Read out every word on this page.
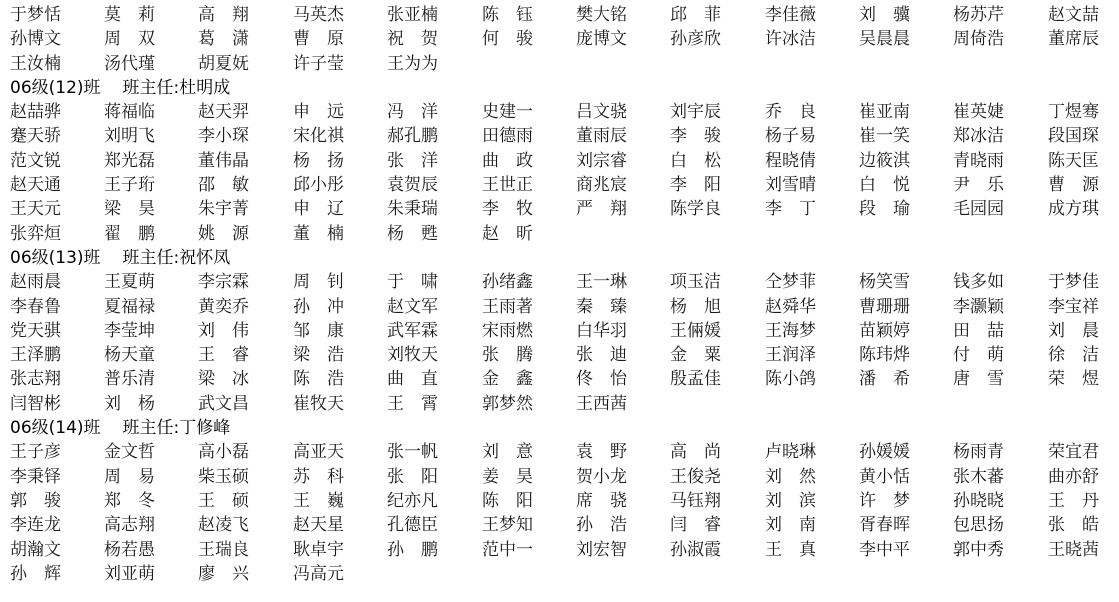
于梦恬	莫　莉	高　翔	马英杰	张亚楠	陈　钰	樊大铭	邱　菲	李佳薇	刘　骥	杨苏芹	赵文喆
孙博文	周　双	葛　潇	曹　原	祝　贺	何　骏	庞博文	孙彦欣	许冰洁	吴晨晨	周倚浩	董席辰
王汝楠	汤代瑾	胡夏妩	许子莹	王为为
06级(12)班 班主任:杜明成
赵喆骅	蒋福临	赵天羿	申　远	冯　洋	史建一	吕文骁	刘宇辰	乔　良	崔亚南	崔英婕	丁煜骞
蹇天骄	刘明飞	李小琛	宋化祺	郝孔鹏	田德雨	董雨辰	李　骏	杨子易	崔一笑	郑冰洁	段国琛
范文锐	郑光磊	董伟晶	杨　扬	张　洋	曲　政	刘宗睿	白　松	程晓倩	边筱淇	青晓雨	陈天匡
赵天通	王子珩	邵　敏	邱小彤	袁贺辰	王世正	商兆宸	李　阳	刘雪晴	白　悦	尹　乐	曹　源
王天元	梁　昊	朱宇菁	申　辽	朱秉瑞	李　牧	严　翔	陈学良	李　丁	段　瑜	毛园园	成方琪
张弈烜	翟　鹏	姚　源	董　楠	杨　甦	赵　昕
06级(13)班 班主任:祝怀凤
赵雨晨	王夏萌	李宗霖	周　钊	于　啸	孙绪鑫	王一琳	项玉洁	仝梦菲	杨笑雪	钱多如	于梦佳
李春鲁	夏福禄	黄奕乔	孙　冲	赵文军	王雨著	秦　臻	杨　旭	赵舜华	曹珊珊	李灏颖	李宝祥
党天骐	李莹坤	刘　伟	邹　康	武军霖	宋雨燃	白华羽	王倆媛	王海梦	苗颖婷	田　喆	刘　晨
王泽鹏	杨天童	王　睿	梁　浩	刘牧天	张　腾	张　迪	金　粟	王润泽	陈玮烨	付　萌	徐　洁
张志翔	普乐清	梁　冰	陈　浩	曲　直	金　鑫	佟　怡	殷孟佳	陈小鸽	潘　希	唐　雪	荣　煜
闫智彬	刘　杨	武文昌	崔牧天	王　霄	郭梦然	王西茜
06级(14)班 班主任:丁修峰
王子彦	金文哲	高小磊	高亚天	张一帆	刘　意	袁　野	高　尚	卢晓琳	孙媛媛	杨雨青	荣宜君
李秉铎	周　易	柴玉硕	苏　科	张　阳	姜　昊	贺小龙	王俊尧	刘　然	黄小恬	张木蕃	曲亦舒
郭　骏	郑　冬	王　硕	王　巍	纪亦凡	陈　阳	席　骁	马钰翔	刘　滨	许　梦	孙晓晓	王　丹
李连龙	高志翔	赵凌飞	赵天星	孔德臣	王梦知	孙　浩	闫　睿	刘　南	胥春晖	包思扬	张　皓
胡瀚文	杨若愚	王瑞良	耿卓宇	孙　鹏	范中一	刘宏智	孙淑霞	王　真	李中平	郭中秀	王晓茜
孙　辉	刘亚萌	廖　兴	冯高元
